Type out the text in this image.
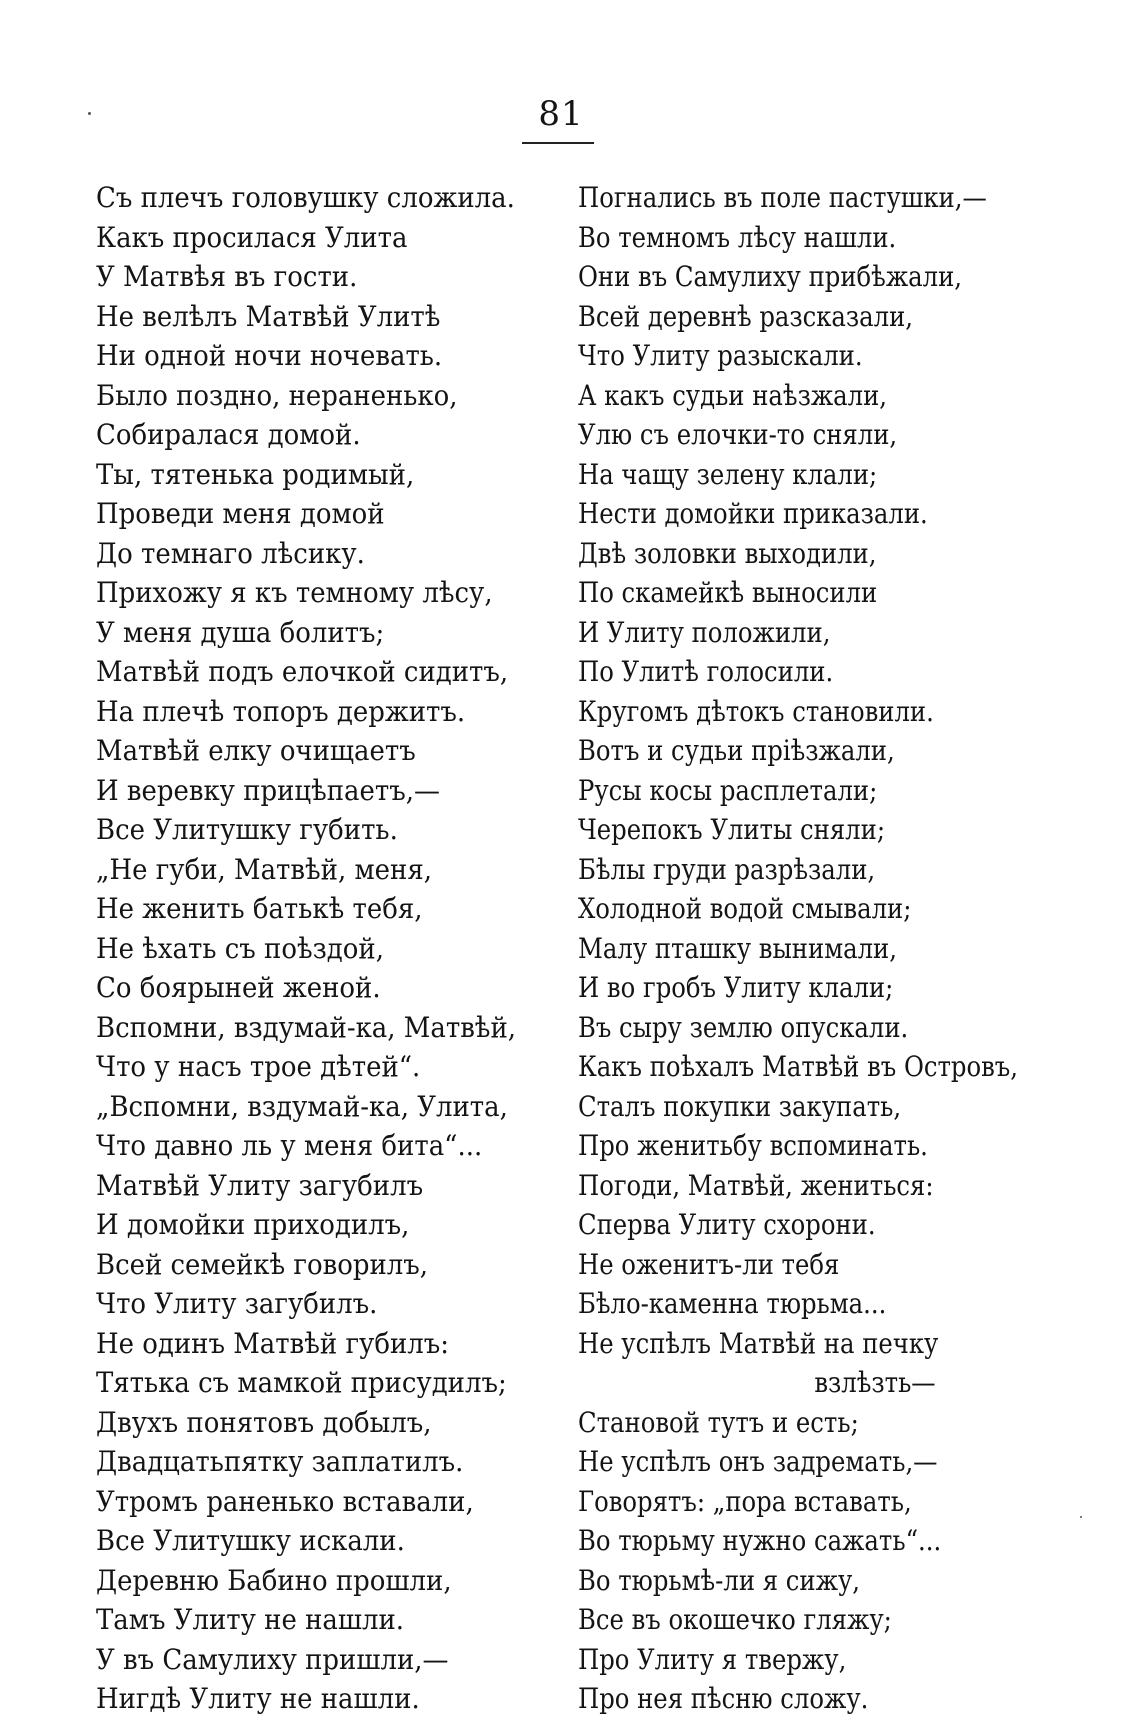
81
Съ плечъ головушку сложила.
Какъ просилася Улита
У Матвѣя въ гости.
Не велѣлъ Матвѣй Улитѣ
Ни одной ночи ночевать.
Было поздно, нераненько,
Собиралася домой.
Ты, тятенька родимый,
Проведи меня домой
До темнаго лѣсику.
Прихожу я къ темному лѣсу,
У меня душа болитъ;
Матвѣй подъ елочкой сидитъ,
На плечѣ топоръ держитъ.
Матвѣй елку очищаетъ
И веревку прицѣпаетъ,—
Все Улитушку губить.
„Не губи, Матвѣй, меня,
Не женить батькѣ тебя,
Не ѣхать съ поѣздой,
Со боярыней женой.
Вспомни, вздумай-ка, Матвѣй,
Что у насъ трое дѣтей“.
„Вспомни, вздумай-ка, Улита,
Что давно ль у меня бита“...
Матвѣй Улиту загубилъ
И домойки приходилъ,
Всей семейкѣ говорилъ,
Что Улиту загубилъ.
Не одинъ Матвѣй губилъ:
Тятька съ мамкой присудилъ;
Двухъ понятовъ добылъ,
Двадцатьпятку заплатилъ.
Утромъ раненько вставали,
Все Улитушку искали.
Деревню Бабино прошли,
Тамъ Улиту не нашли.
У въ Самулиху пришли,—
Нигдѣ Улиту не нашли.
Погнались въ поле пастушки,—
Во темномъ лѣсу нашли.
Они въ Самулиху прибѣжали,
Всей деревнѣ разсказали,
Что Улиту разыскали.
А какъ судьи наѣзжали,
Улю съ елочки-то сняли,
На чащу зелену клали;
Нести домойки приказали.
Двѣ золовки выходили,
По скамейкѣ выносили
И Улиту положили,
По Улитѣ голосили.
Кругомъ дѣтокъ становили.
Вотъ и судьи прiѣзжали,
Русы косы расплетали;
Черепокъ Улиты сняли;
Бѣлы груди разрѣзали,
Холодной водой смывали;
Малу пташку вынимали,
И во гробъ Улиту клали;
Въ сыру землю опускали.
Какъ поѣхалъ Матвѣй въ Островъ,
Сталъ покупки закупать,
Про женитьбу вспоминать.
Погоди, Матвѣй, жениться:
Сперва Улиту схорони.
Не оженитъ-ли тебя
Бѣло-каменна тюрьма...
Не успѣлъ Матвѣй на печку
взлѣзть—
Становой тутъ и есть;
Не успѣлъ онъ задремать,—
Говорятъ: „пора вставать,
Во тюрьму нужно сажать“...
Во тюрьмѣ-ли я сижу,
Все въ окошечко гляжу;
Про Улиту я твержу,
Про нея пѣсню сложу.
